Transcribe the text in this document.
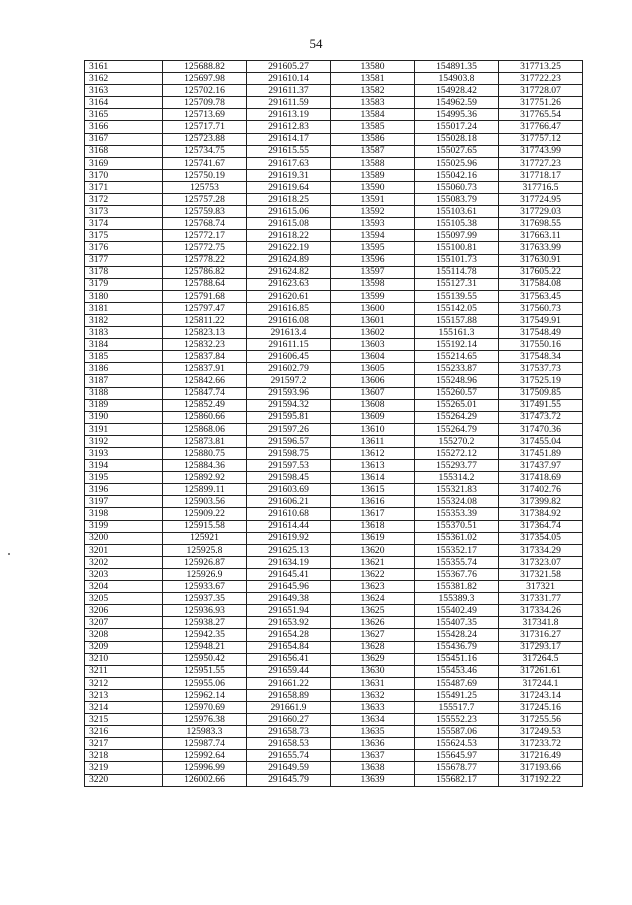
54
3161	125688.82	291605.27	13580	154891.35	317713.25
3162	125697.98	291610.14	13581	154903.8	317722.23
3163	125702.16	291611.37	13582	154928.42	317728.07
3164	125709.78	291611.59	13583	154962.59	317751.26
3165	125713.69	291613.19	13584	154995.36	317765.54
3166	125717.71	291612.83	13585	155017.24	317766.47
3167	125723.88	291614.17	13586	155028.18	317757.12
3168	125734.75	291615.55	13587	155027.65	317743.99
3169	125741.67	291617.63	13588	155025.96	317727.23
3170	125750.19	291619.31	13589	155042.16	317718.17
3171	125753	291619.64	13590	155060.73	317716.5
3172	125757.28	291618.25	13591	155083.79	317724.95
3173	125759.83	291615.06	13592	155103.61	317729.03
3174	125768.74	291615.08	13593	155105.38	317698.55
3175	125772.17	291618.22	13594	155097.99	317663.11
3176	125772.75	291622.19	13595	155100.81	317633.99
3177	125778.22	291624.89	13596	155101.73	317630.91
3178	125786.82	291624.82	13597	155114.78	317605.22
3179	125788.64	291623.63	13598	155127.31	317584.08
3180	125791.68	291620.61	13599	155139.55	317563.45
3181	125797.47	291616.85	13600	155142.05	317560.73
3182	125811.22	291616.08	13601	155157.88	317549.91
3183	125823.13	291613.4	13602	155161.3	317548.49
3184	125832.23	291611.15	13603	155192.14	317550.16
3185	125837.84	291606.45	13604	155214.65	317548.34
3186	125837.91	291602.79	13605	155233.87	317537.73
3187	125842.66	291597.2	13606	155248.96	317525.19
3188	125847.74	291593.96	13607	155260.57	317509.85
3189	125852.49	291594.32	13608	155265.01	317491.55
3190	125860.66	291595.81	13609	155264.29	317473.72
3191	125868.06	291597.26	13610	155264.79	317470.36
3192	125873.81	291596.57	13611	155270.2	317455.04
3193	125880.75	291598.75	13612	155272.12	317451.89
3194	125884.36	291597.53	13613	155293.77	317437.97
3195	125892.92	291598.45	13614	155314.2	317418.69
3196	125899.11	291603.69	13615	155321.83	317402.76
3197	125903.56	291606.21	13616	155324.08	317399.82
3198	125909.22	291610.68	13617	155353.39	317384.92
3199	125915.58	291614.44	13618	155370.51	317364.74
3200	125921	291619.92	13619	155361.02	317354.05
3201	125925.8	291625.13	13620	155352.17	317334.29
3202	125926.87	291634.19	13621	155355.74	317323.07
3203	125926.9	291645.41	13622	155367.76	317321.58
3204	125933.67	291645.96	13623	155381.82	317321
3205	125937.35	291649.38	13624	155389.3	317331.77
3206	125936.93	291651.94	13625	155402.49	317334.26
3207	125938.27	291653.92	13626	155407.35	317341.8
3208	125942.35	291654.28	13627	155428.24	317316.27
3209	125948.21	291654.84	13628	155436.79	317293.17
3210	125950.42	291656.41	13629	155451.16	317264.5
3211	125951.55	291659.44	13630	155453.46	317261.61
3212	125955.06	291661.22	13631	155487.69	317244.1
3213	125962.14	291658.89	13632	155491.25	317243.14
3214	125970.69	291661.9	13633	155517.7	317245.16
3215	125976.38	291660.27	13634	155552.23	317255.56
3216	125983.3	291658.73	13635	155587.06	317249.53
3217	125987.74	291658.53	13636	155624.53	317233.72
3218	125992.64	291655.74	13637	155645.97	317216.49
3219	125996.99	291649.59	13638	155678.77	317193.66
3220	126002.66	291645.79	13639	155682.17	317192.22
